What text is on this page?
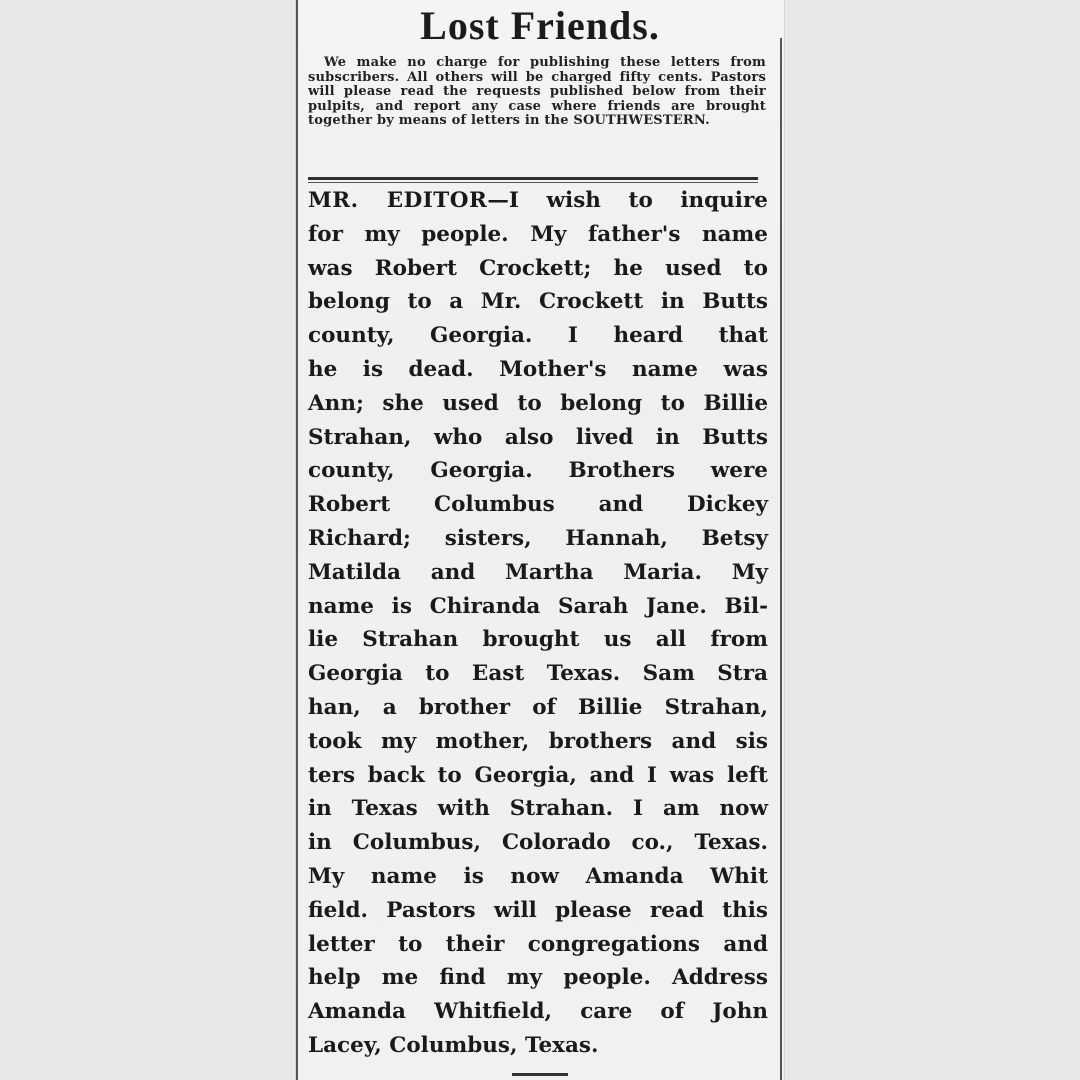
Lost Friends.

We make no charge for publishing these letters from subscribers. All others will be charged fifty cents. Pastors will please read the requests published below from their pulpits, and report any case where friends are brought together by means of letters in the SOUTHWESTERN.

MR. EDITOR—I wish to inquire
for my people. My father's name
was Robert Crockett; he used to
belong to a Mr. Crockett in Butts
county, Georgia. I heard that
he is dead. Mother's name was
Ann; she used to belong to Billie
Strahan, who also lived in Butts
county, Georgia. Brothers were
Robert Columbus and Dickey
Richard; sisters, Hannah, Betsy
Matilda and Martha Maria. My
name is Chiranda Sarah Jane. Bil-
lie Strahan brought us all from
Georgia to East Texas. Sam Stra
han, a brother of Billie Strahan,
took my mother, brothers and sis
ters back to Georgia, and I was left
in Texas with Strahan. I am now
in Columbus, Colorado co., Texas.
My name is now Amanda Whit
field. Pastors will please read this
letter to their congregations and
help me find my people. Address
Amanda Whitfield, care of John
Lacey, Columbus, Texas.
